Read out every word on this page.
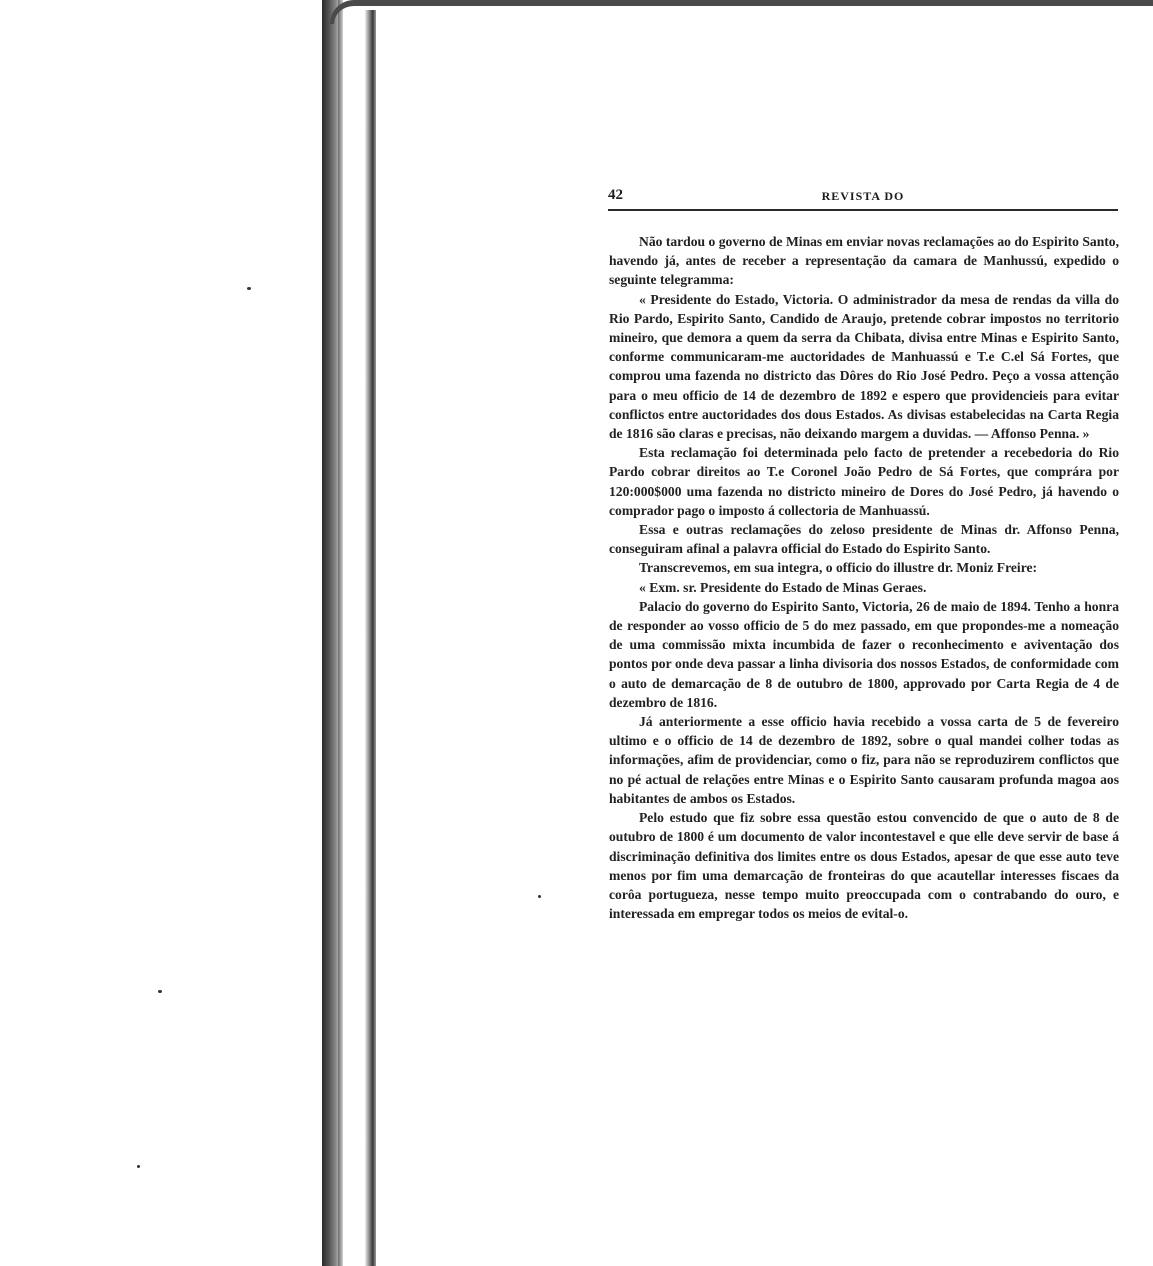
42	REVISTA DO

Não tardou o governo de Minas em enviar novas reclamações ao do Espirito Santo, havendo já, antes de receber a representação da camara de Manhussú, expedido o seguinte telegramma:

« Presidente do Estado, Victoria. O administrador da mesa de rendas da villa do Rio Pardo, Espirito Santo, Candido de Araujo, pretende cobrar impostos no territorio mineiro, que demora a quem da serra da Chibata, divisa entre Minas e Espirito Santo, conforme communicaram-me auctoridades de Manhuassú e T.e C.el Sá Fortes, que comprou uma fazenda no districto das Dôres do Rio José Pedro. Peço a vossa attenção para o meu officio de 14 de dezembro de 1892 e espero que providencieis para evitar conflictos entre auctoridades dos dous Estados. As divisas estabelecidas na Carta Regia de 1816 são claras e precisas, não deixando margem a duvidas. — Affonso Penna. »

Esta reclamação foi determinada pelo facto de pretender a recebedoria do Rio Pardo cobrar direitos ao T.e Coronel João Pedro de Sá Fortes, que comprára por 120:000$000 uma fazenda no districto mineiro de Dores do José Pedro, já havendo o comprador pago o imposto á collectoria de Manhuassú.

Essa e outras reclamações do zeloso presidente de Minas dr. Affonso Penna, conseguiram afinal a palavra official do Estado do Espirito Santo.

Transcrevemos, em sua integra, o officio do illustre dr. Moniz Freire:

« Exm. sr. Presidente do Estado de Minas Geraes.

Palacio do governo do Espirito Santo, Victoria, 26 de maio de 1894. Tenho a honra de responder ao vosso officio de 5 do mez passado, em que propondes-me a nomeação de uma commissão mixta incumbida de fazer o reconhecimento e aviventação dos pontos por onde deva passar a linha divisoria dos nossos Estados, de conformidade com o auto de demarcação de 8 de outubro de 1800, approvado por Carta Regia de 4 de dezembro de 1816.

Já anteriormente a esse officio havia recebido a vossa carta de 5 de fevereiro ultimo e o officio de 14 de dezembro de 1892, sobre o qual mandei colher todas as informações, afim de providenciar, como o fiz, para não se reproduzirem conflictos que no pé actual de relações entre Minas e o Espirito Santo causaram profunda magoa aos habitantes de ambos os Estados.

Pelo estudo que fiz sobre essa questão estou convencido de que o auto de 8 de outubro de 1800 é um documento de valor incontestavel e que elle deve servir de base á discriminação definitiva dos limites entre os dous Estados, apesar de que esse auto teve menos por fim uma demarcação de fronteiras do que acautellar interesses fiscaes da corôa portugueza, nesse tempo muito preoccupada com o contrabando do ouro, e interessada em empregar todos os meios de evital-o.
